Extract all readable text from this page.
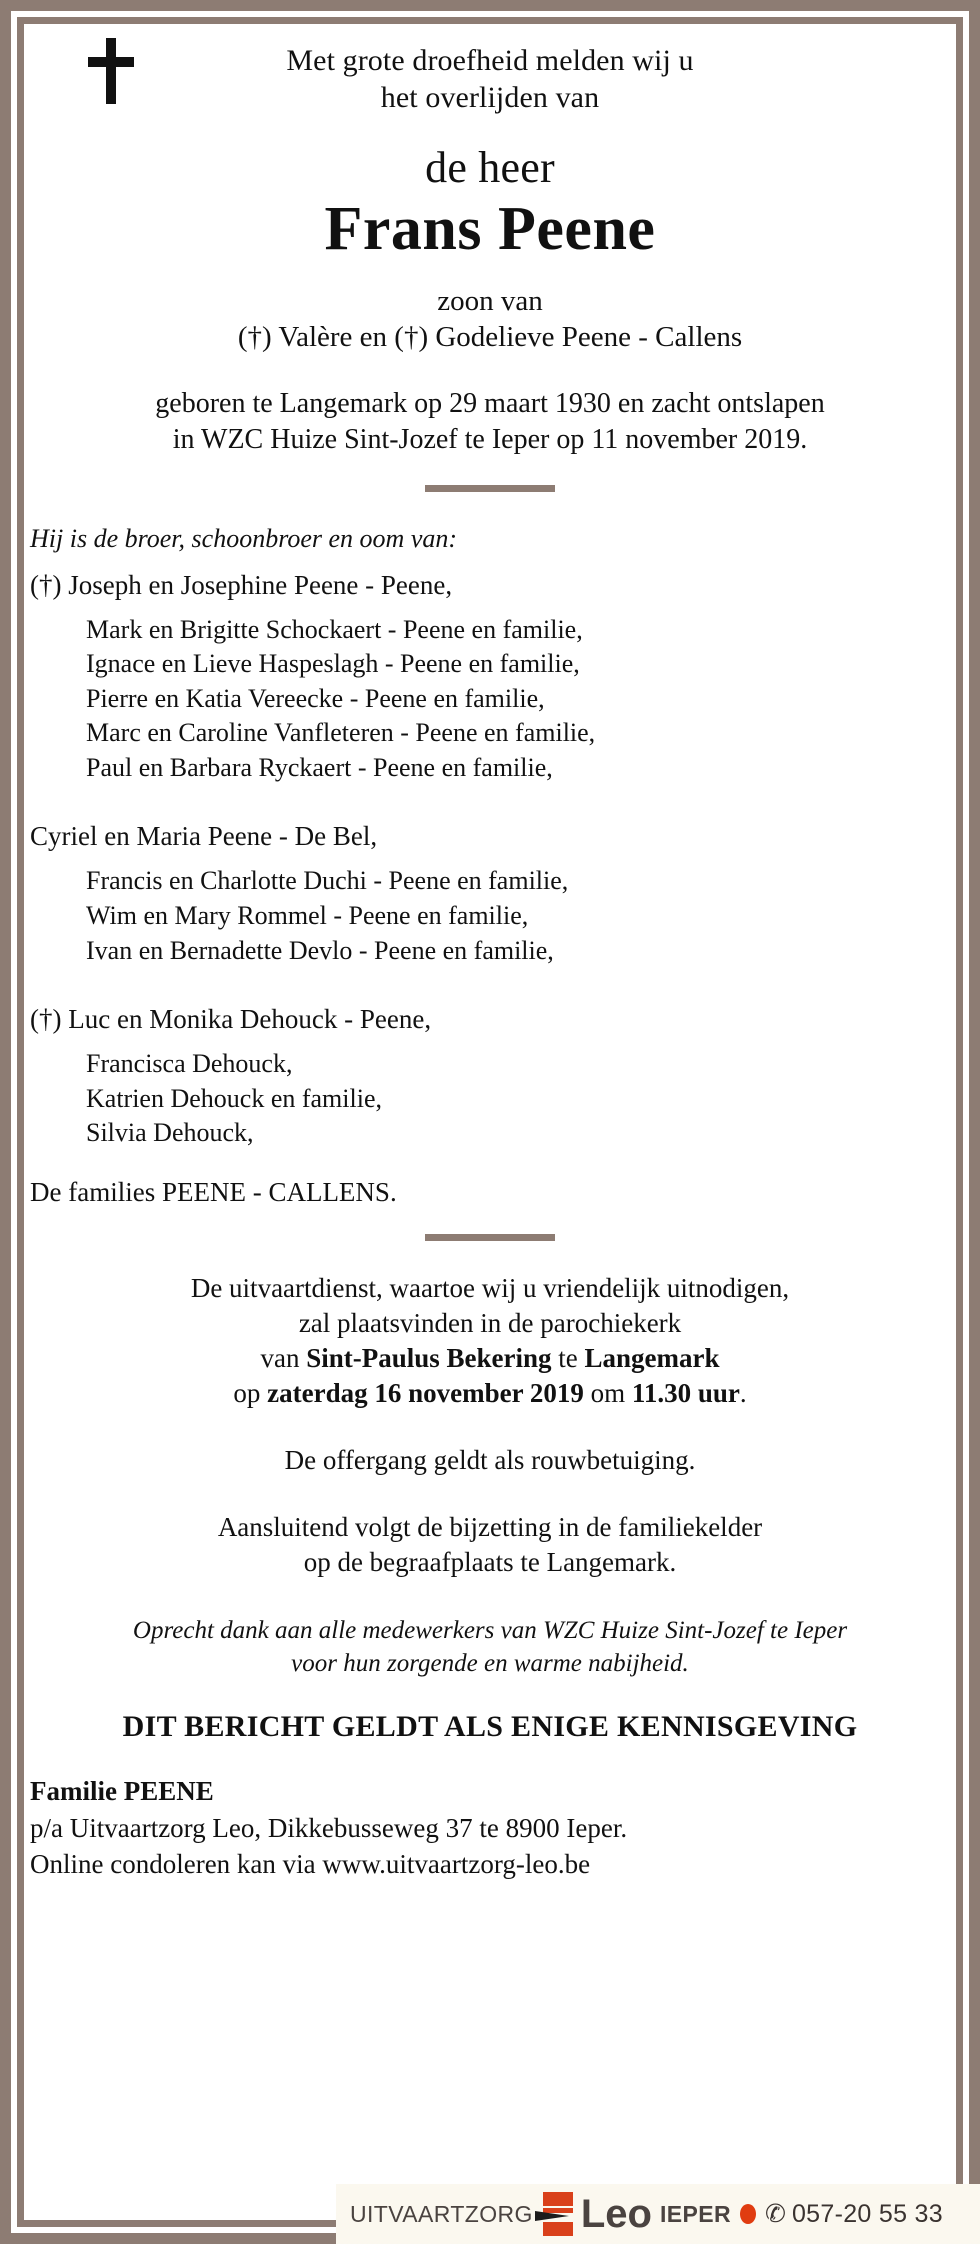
Met grote droefheid melden wij u
het overlijden van
de heer
Frans Peene
zoon van
(†) Valère en (†) Godelieve Peene - Callens
geboren te Langemark op 29 maart 1930 en zacht ontslapen
in WZC Huize Sint-Jozef te Ieper op 11 november 2019.
Hij is de broer, schoonbroer en oom van:
(†) Joseph en Josephine Peene - Peene,
Mark en Brigitte Schockaert - Peene en familie,
Ignace en Lieve Haspeslagh - Peene en familie,
Pierre en Katia Vereecke - Peene en familie,
Marc en Caroline Vanfleteren - Peene en familie,
Paul en Barbara Ryckaert - Peene en familie,
Cyriel en Maria Peene - De Bel,
Francis en Charlotte Duchi - Peene en familie,
Wim en Mary Rommel - Peene en familie,
Ivan en Bernadette Devlo - Peene en familie,
(†) Luc en Monika Dehouck - Peene,
Francisca Dehouck,
Katrien Dehouck en familie,
Silvia Dehouck,
De families PEENE - CALLENS.
De uitvaartdienst, waartoe wij u vriendelijk uitnodigen,
zal plaatsvinden in de parochiekerk
van Sint-Paulus Bekering te Langemark
op zaterdag 16 november 2019 om 11.30 uur.
De offergang geldt als rouwbetuiging.
Aansluitend volgt de bijzetting in de familiekelder
op de begraafplaats te Langemark.
Oprecht dank aan alle medewerkers van WZC Huize Sint-Jozef te Ieper
voor hun zorgende en warme nabijheid.
DIT BERICHT GELDT ALS ENIGE KENNISGEVING
Familie PEENE
p/a Uitvaartzorg Leo, Dikkebusseweg 37 te 8900 Ieper.
Online condoleren kan via www.uitvaartzorg-leo.be
UITVAARTZORG Leo IEPER ✆ 057-20 55 33
